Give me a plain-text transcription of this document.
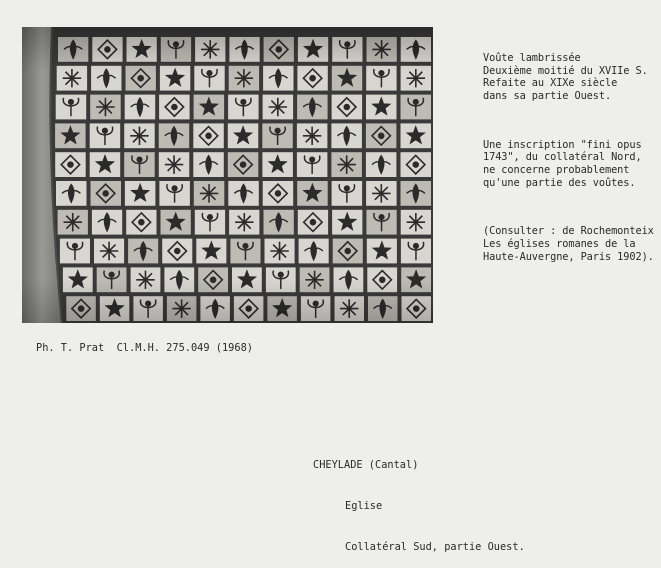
Voûte lambrissée
Deuxième moitié du XVIIe S.
Refaite au XIXe siècle
dans sa partie Ouest.

Une inscription "fini opus
1743", du collatéral Nord,
ne concerne probablement
qu'une partie des voûtes.

(Consulter : de Rochemonteix
Les églises romanes de la
Haute-Auvergne, Paris 1902).

Ph. T. Prat  Cl.M.H. 275.049 (1968)

CHEYLADE (Cantal)

Eglise

Collatéral Sud, partie Ouest.
